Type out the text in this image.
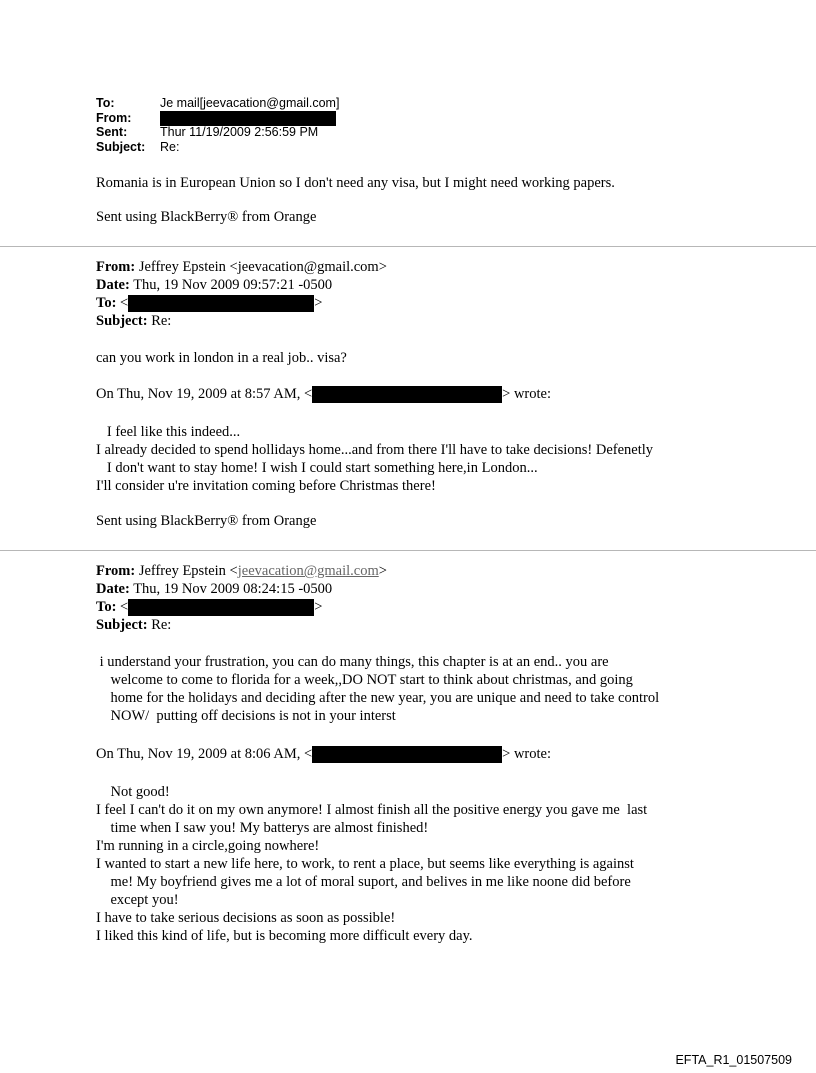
To:	Je mail[jeevacation@gmail.com]
From:
Sent:	Thur 11/19/2009 2:56:59 PM
Subject:	Re:
Romania is in European Union so I don't need any visa, but I might need working papers.
Sent using BlackBerry® from Orange
From: Jeffrey Epstein <jeevacation@gmail.com>
Date: Thu, 19 Nov 2009 09:57:21 -0500
To: <	>
Subject: Re:
can you work in london in a real job.. visa?
On Thu, Nov 19, 2009 at 8:57 AM, <	> wrote:
I feel like this indeed...
I already decided to spend hollidays home...and from there I'll have to take decisions! Defenetly
I don't want to stay home! I wish I could start something here,in London...
I'll consider u're invitation coming before Christmas there!
Sent using BlackBerry® from Orange
From: Jeffrey Epstein <jeevacation@gmail.com>
Date: Thu, 19 Nov 2009 08:24:15 -0500
To: <	>
Subject: Re:
i understand your frustration, you can do many things, this chapter is at an end.. you are
welcome to come to florida for a week,,DO NOT start to think about christmas, and going
home for the holidays and deciding after the new year, you are unique and need to take control
NOW/  putting off decisions is not in your interst
On Thu, Nov 19, 2009 at 8:06 AM, <	> wrote:
Not good!
I feel I can't do it on my own anymore! I almost finish all the positive energy you gave me  last
time when I saw you! My batterys are almost finished!
I'm running in a circle,going nowhere!
I wanted to start a new life here, to work, to rent a place, but seems like everything is against
me! My boyfriend gives me a lot of moral suport, and belives in me like noone did before
except you!
I have to take serious decisions as soon as possible!
I liked this kind of life, but is becoming more difficult every day.
EFTA_R1_01507509
